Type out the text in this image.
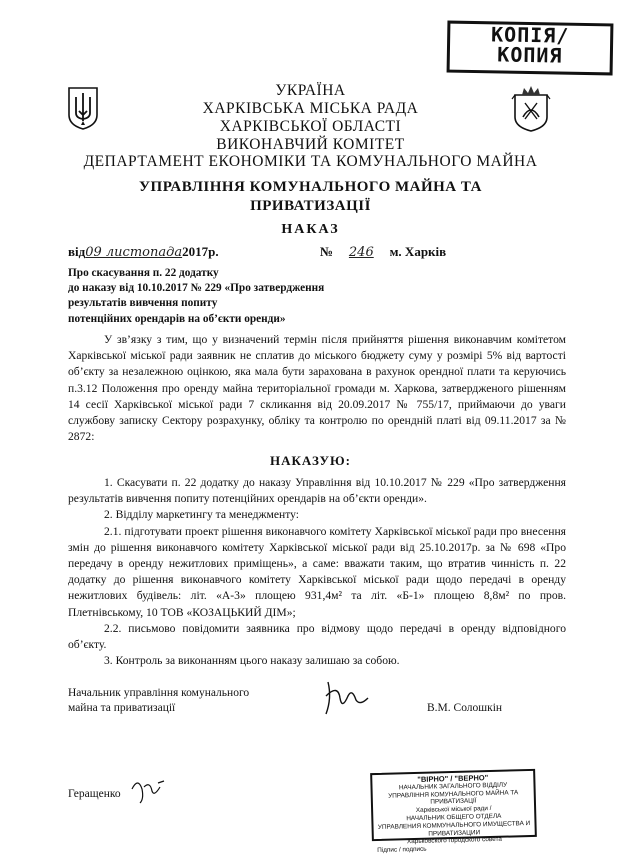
КОПІЯ/
КОПИЯ
УКРАЇНА
ХАРКІВСЬКА МІСЬКА РАДА
ХАРКІВСЬКОЇ ОБЛАСТІ
ВИКОНАВЧИЙ КОМІТЕТ
ДЕПАРТАМЕНТ ЕКОНОМІКИ ТА КОМУНАЛЬНОГО МАЙНА
УПРАВЛІННЯ КОМУНАЛЬНОГО МАЙНА ТА
ПРИВАТИЗАЦІЇ
НАКАЗ
від09 листопада2017р.	№ 246 м. Харків
Про скасування п. 22 додатку
до наказу від 10.10.2017 № 229 «Про затвердження
результатів вивчення попиту
потенційних орендарів на об’єкти оренди»

У зв’язку з тим, що у визначений термін після прийняття рішення виконавчим комітетом Харківської міської ради заявник не сплатив до міського бюджету суму у розмірі 5% від вартості об’єкту за незалежною оцінкою, яка мала бути зарахована в рахунок орендної плати та керуючись п.3.12 Положення про оренду майна територіальної громади м. Харкова, затвердженого рішенням 14 сесії Харківської міської ради 7 скликання від 20.09.2017 № 755/17, приймаючи до уваги службову записку Сектору розрахунку, обліку та контролю по орендній платі від 09.11.2017 за № 2872:

НАКАЗУЮ:

1. Скасувати п. 22 додатку до наказу Управління від 10.10.2017 № 229 «Про затвердження результатів вивчення попиту потенційних орендарів на об’єкти оренди».

2. Відділу маркетингу та менеджменту:

2.1. підготувати проект рішення виконавчого комітету Харківської міської ради про внесення змін до рішення виконавчого комітету Харківської міської ради від 25.10.2017р. за № 698 «Про передачу в оренду нежитлових приміщень», а саме: вважати таким, що втратив чинність п. 22 додатку до рішення виконавчого комітету Харківської міської ради щодо передачі в оренду нежитлових будівель: літ. «А-3» площею 931,4м² та літ. «Б-1» площею 8,8м² по пров. Плетнівському, 10 ТОВ «КОЗАЦЬКИЙ ДІМ»;

2.2. письмово повідомити заявника про відмову щодо передачі в оренду відповідного об’єкту.

3. Контроль за виконанням цього наказу залишаю за собою.

Начальник управління комунального
майна та приватизації	В.М. Солошкін
Геращенко
"ВІРНО" / "ВЕРНО"
НАЧАЛЬНИК ЗАГАЛЬНОГО ВІДДІЛУ
УПРАВЛІННЯ КОМУНАЛЬНОГО МАЙНА ТА ПРИВАТИЗАЦІЇ
Харківської міської ради /
НАЧАЛЬНИК ОБЩЕГО ОТДЕЛА
УПРАВЛЕНИЯ КОММУНАЛЬНОГО ИМУЩЕСТВА И ПРИВАТИЗАЦИИ
Харьковского городского совета
Підпис / подпись
